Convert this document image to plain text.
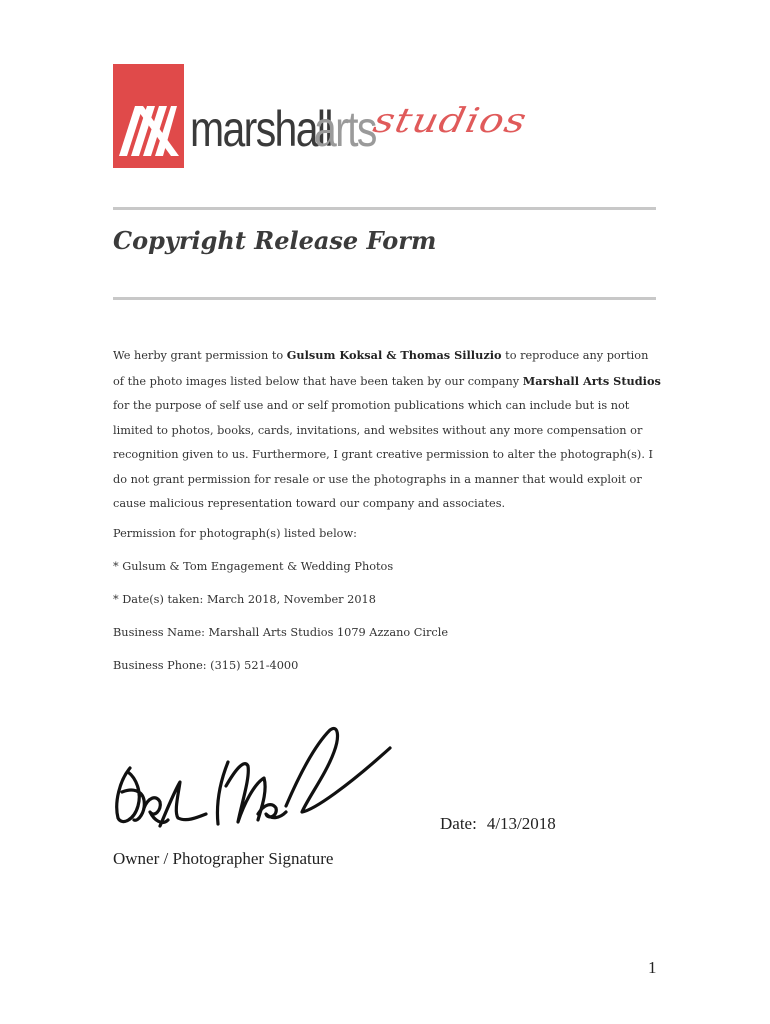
marshall
arts
studios
Copyright Release Form

We herby grant permission to Gulsum Koksal & Thomas Silluzio to reproduce any portion of the photo images listed below that have been taken by our company Marshall Arts Studios for the purpose of self use and or self promotion publications which can include but is not limited to photos, books, cards, invitations, and websites without any more compensation or recognition given to us. Furthermore, I grant creative permission to alter the photograph(s). I do not grant permission for resale or use the photographs in a manner that would exploit or cause malicious representation toward our company and associates.

Permission for photograph(s) listed below:

* Gulsum & Tom Engagement & Wedding Photos

* Date(s) taken: March 2018, November 2018

Business Name: Marshall Arts Studios 1079 Azzano Circle

Business Phone: (315) 521-4000

Date: 4/13/2018
Owner / Photographer Signature
1
